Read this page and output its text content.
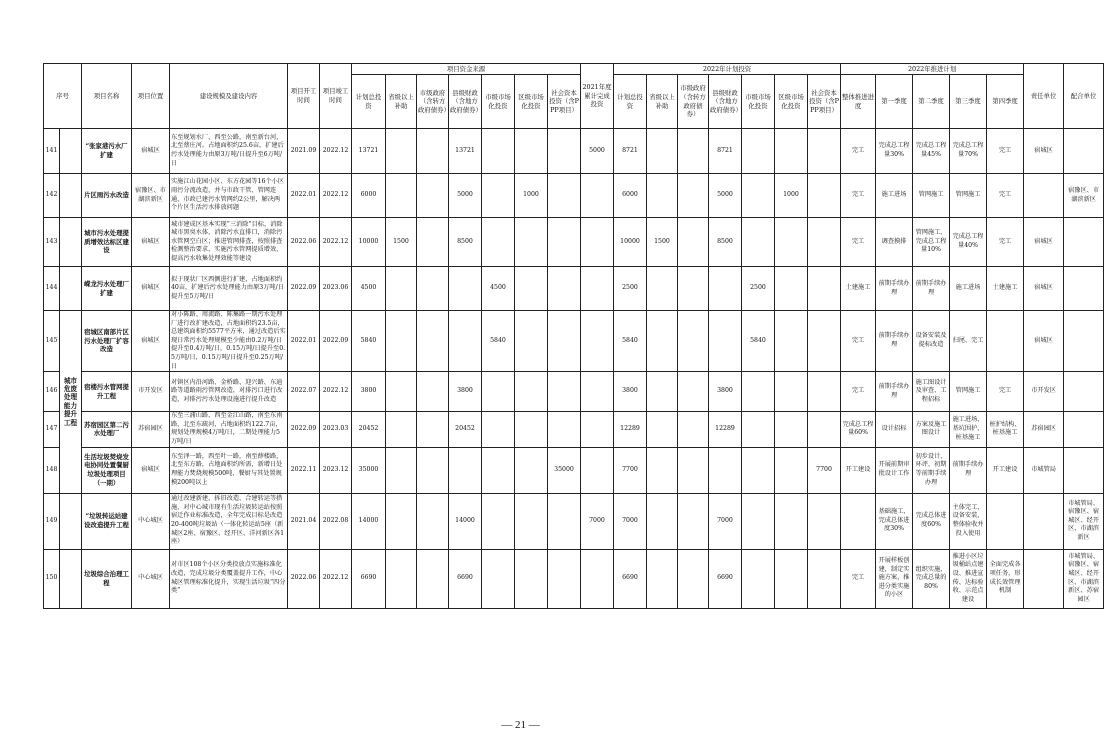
序号		项目名称	项目位置	建设规模及建设内容	项目开工时间	项目竣工时间	项目资金来源							2021年度累计完成投资	2022年计划投资							2022年推进计划					责任单位	配合单位
							计划总投资	省级以上补助	市级政府（含转方政府债券）	县级财政（含地方政府债券）	市级市场化投资	区级市场化投资	社会资本投资（含PPP项目）		计划总投资	省级以上补助	市级政府（含转方政府债券）	县级财政（含地方政府债券）	市级市场化投资	区级市场化投资	社会资本投资（含PPP项目）	整体推进进度	第一季度	第二季度	第三季度	第四季度		
141		“张家港污水厂扩建	宿城区	东至规划水厂，西至公路，南至新台河，北至蔡庄河。占地面积约25.6亩，扩建后污水处理能力由原3万吨/日提升至6万吨/日	2021.09	2022.12	13721			13721				5000	8721			8721				完工	完成总工程量30%	完成总工程量45%	完成总工程量70%	完工	宿城区	
142		片区雨污水改造	宿豫区、市湖滨新区	实施江山花园小区、东方花园等16个小区雨污分流改造，并与市政干管、管网连通，市政已建污水管网约2公里，解决两个片区生活污水排放问题	2022.01	2022.12	6000			5000		1000			6000			5000		1000		完工	施工进场	管网施工	管网施工	完工		宿豫区、市湖滨新区
143		城市污水处理提质增效达标区建设	宿城区	城市建成区基本实现“三消除”目标，消除城市黑臭水体，消除污水直排口，消除污水管网空白区；推进管网排查，按照排查检测整治要求，实施污水管网提质增效，提高污水收集处理效能等建设	2022.06	2022.12	10000	1500		8500					10000	1500		8500				完工	调查摸排	管网施工、完成总工程量10%	完成总工程量40%	完工	宿城区	
144		嵘龙污水处理厂扩建	宿城区	拟于现状厂区西侧进行扩建，占地面积约40亩，扩建后污水处理能力由原3万吨/日提升至5万吨/日	2022.09	2023.06	4500				4500				2500				2500			土建施工	前期手续办理	前期手续办理	施工进场	土建施工	宿城区	
145	城市危废处理能力提升工程	宿城区南部片区污水处理厂扩容改造	宿城区	对小陈路、周流路、陈集路一期污水处理厂进行改扩建改造，占地面积约23.5亩，总建筑面积约5577平方米，通过改造后实现日常污水处理规模至少能由0.2万吨/日提升至0.4万吨/日，0.15万吨/日提升至0.5万吨/日，0.15万吨/日提升至0.25万吨/日	2022.01	2022.09	5840				5840				5840				5840			完工	前期手续办理	设备安装及提标改造	扫尾、完工		宿城区	
146		宿楼污水管网提升工程	市开发区	对镇区内沿河路、金桥路、迎兴路、东迪路等道路雨污管网改造，对排污口进行改造，对排污污水处理设施进行提升改造	2022.07	2022.12	3800			3800					3800			3800				完工	前期手续办理	施工图设计及审查、工程招标	管网施工	完工	市开发区	
147		苏宿园区第二污水处理厂	苏宿园区	东至三浦山路，西至金江山路，南至东南路，北至东疏河，占地面积约122.7亩，规划处理规模4万吨/日，二期处理能力5万吨/日	2022.09	2023.03	20452			20452					12289			12289				完成总工程量60%	设计招标	方案及施工图设计	施工进场，基坑围护、桩基施工	桩护结构、桩基施工	苏宿园区	
148		生活垃圾焚烧发电协同处置餐厨垃圾处理项目（一期）	宿城区	东至泽一路，西至叶一路，南至薛楼路，北至东方路，占地面积约所需，新增日处理能力焚烧规模500吨，餐厨与其处置规模200吨以上	2022.11	2023.12	35000						35000		7700						7700	开工建设	开展前期审批设计工作	初步设计、环评、初期等前期手续办理	前期手续办理	开工建设	市城管局	
149		“垃圾转运站建设改造提升工程	中心城区	通过改建新建、拆旧改造、合建转运等措施，对中心城市现有生活垃圾转运站按照宿迁作业标准改造，全年完成目标是改造20-400吨垃圾站（一体化转运站5座（新城区2座、宿豫区、经开区、洋河新区各1座）	2021.04	2022.08	14000			14000				7000	7000			7000					基础施工，完成总体进度30%	完成总体进度60%	主体完工，设备安装，整体验收并投入使用			市城管局、宿豫区、宿城区、经开区、市湖滨新区
150		垃圾综合治理工程	中心城区	对市区108个小区分类投放点实施标准化改造，完成垃圾分类覆盖提升工作，中心城区管理标准化提升，实现生活垃圾“四分类”	2022.06	2022.12	6690			6690					6690			6690				完工	开展样板创建，制定实施方案，推进分类实施的小区	组织实施，完成总量的80%	推进小区垃圾桶站点建设、推进宣传、达标验收、示范点建设	全面完成各项任务，形成长效管理机制		市城管局、宿豫区、宿城区、经开区、市湖滨新区、苏宿园区
— 21 —
